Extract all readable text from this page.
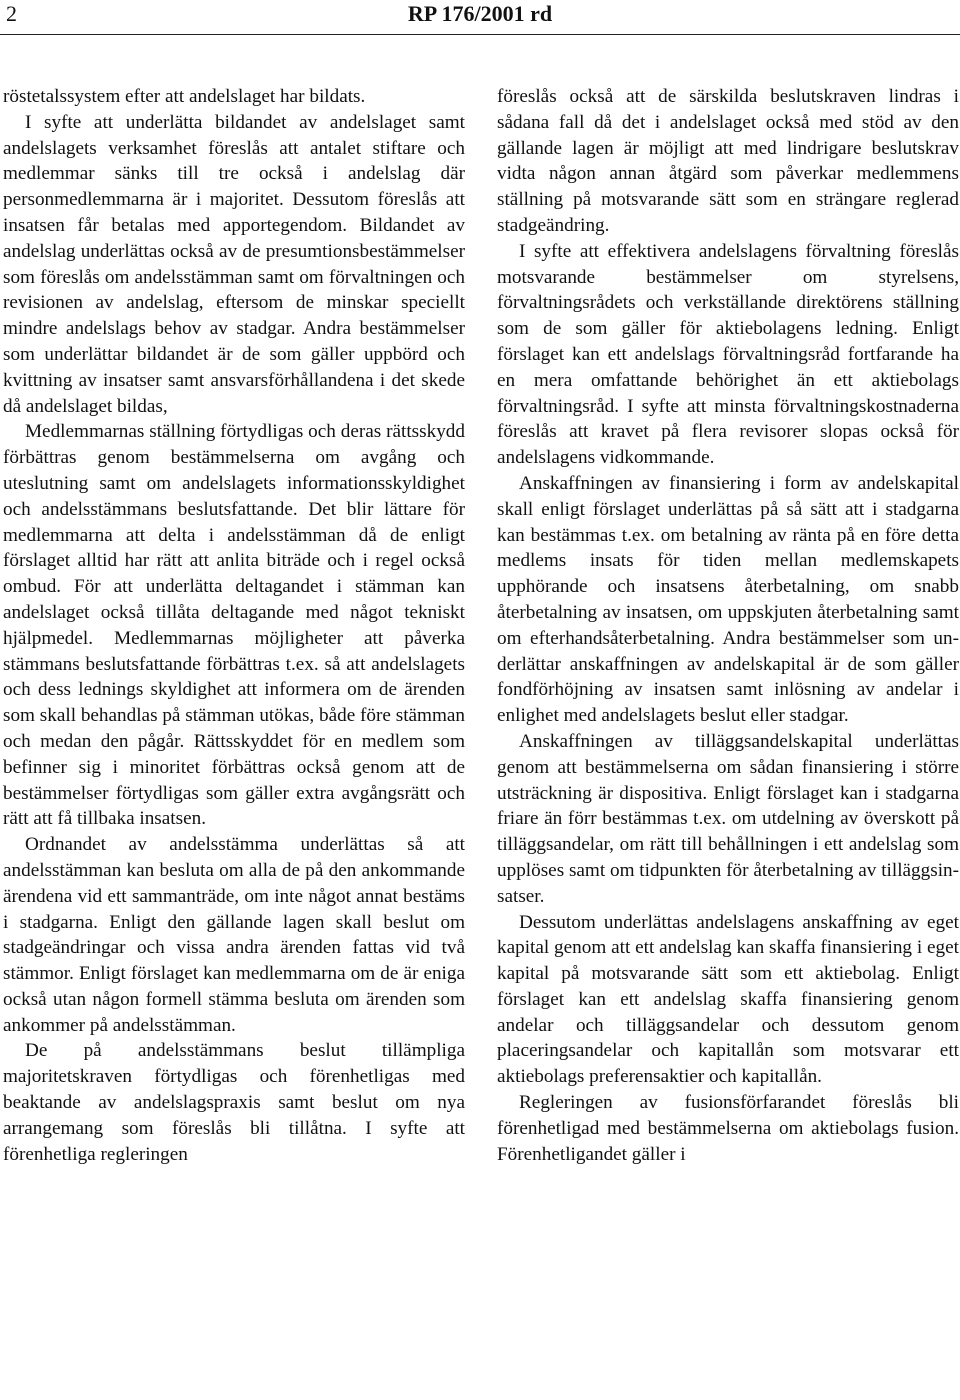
2	RP 176/2001 rd

röstetalssystem efter att andelslaget har bildats.

I syfte att underlätta bildandet av andelslaget samt andelslagets verksamhet föreslås att antalet stiftare och medlemmar sänks till tre också i andelslag där personmedlemmarna är i majoritet. Dessutom föreslås att insatsen får betalas med apportegendom. Bildandet av andelslag underlättas också av de presumtionsbestämmelser som föreslås om andelsstämman samt om förvaltningen och revisionen av andelslag, eftersom de minskar speciellt mindre andelslags behov av stadgar. Andra bestämmelser som underlättar bildandet är de som gäller uppbörd och kvittning av insatser samt ansvarsförhållandena i det skede då andelslaget bildas,

Medlemmarnas ställning förtydligas och deras rättsskydd förbättras genom bestämmelserna om avgång och uteslutning samt om andelslagets informationsskyldighet och andelsstämmans beslutsfattande. Det blir lättare för medlemmarna att delta i andelsstämman då de enligt förslaget alltid har rätt att anlita biträde och i regel också ombud. För att underlätta deltagandet i stämman kan andelslaget också tillåta deltagande med något tekniskt hjälpmedel. Medlemmarnas möjligheter att påverka stämmans beslutsfattande förbättras t.ex. så att andelslagets och dess lednings skyldighet att informera om de ärenden som skall behandlas på stämman utökas, både före stämman och medan den pågår. Rättsskyddet för en medlem som befinner sig i minoritet förbättras också genom att de bestämmelser förtydligas som gäller extra avgångsrätt och rätt att få tillbaka insatsen.

Ordnandet av andelsstämma underlättas så att andelsstämman kan besluta om alla de på den ankommande ärendena vid ett sammanträde, om inte något annat bestäms i stadgarna. Enligt den gällande lagen skall beslut om stadgeändringar och vissa andra ärenden fattas vid två stämmor. Enligt förslaget kan medlemmarna om de är eniga också utan någon formell stämma besluta om ärenden som ankommer på andelsstämman.

De på andelsstämmans beslut tillämpliga majoritetskraven förtydligas och förenhetligas med beaktande av andelslagspraxis samt beslut om nya arrangemang som föreslås bli tillåtna. I syfte att förenhetliga regleringen

föreslås också att de särskilda beslutskraven lindras i sådana fall då det i andelslaget också med stöd av den gällande lagen är möjligt att med lindrigare beslutskrav vidta någon annan åtgärd som påverkar medlemmens ställning på motsvarande sätt som en strängare reglerad stadgeändring.

I syfte att effektivera andelslagens förvaltning föreslås motsvarande bestämmelser om styrelsens, förvaltningsrådets och verkställande direktörens ställning som de som gäller för aktiebolagens ledning. Enligt förslaget kan ett andelslags förvaltningsråd fortfarande ha en mera omfattande behörighet än ett aktiebolags förvaltningsråd. I syfte att minsta förvaltningskostnaderna föreslås att kravet på flera revisorer slopas också för andelslagens vidkommande.

Anskaffningen av finansiering i form av andelskapital skall enligt förslaget underlättas på så sätt att i stadgarna kan bestämmas t.ex. om betalning av ränta på en före detta medlems insats för tiden mellan medlemskapets upphörande och insatsens återbetalning, om snabb återbetalning av insatsen, om uppskjuten återbetalning samt om efterhandsåterbetalning. Andra bestämmelser som underlättar anskaffningen av andelskapital är de som gäller fondförhöjning av insatsen samt inlösning av andelar i enlighet med andelslagets beslut eller stadgar.

Anskaffningen av tilläggsandelskapital underlättas genom att bestämmelserna om sådan finansiering i större utsträckning är dispositiva. Enligt förslaget kan i stadgarna friare än förr bestämmas t.ex. om utdelning av överskott på tilläggsandelar, om rätt till behållningen i ett andelslag som upplöses samt om tidpunkten för återbetalning av tilläggsinsatser.

Dessutom underlättas andelslagens anskaffning av eget kapital genom att ett andelslag kan skaffa finansiering i eget kapital på motsvarande sätt som ett aktiebolag. Enligt förslaget kan ett andelslag skaffa finansiering genom andelar och tilläggsandelar och dessutom genom placeringsandelar och kapitallån som motsvarar ett aktiebolags preferensaktier och kapitallån.

Regleringen av fusionsförfarandet föreslås bli förenhetligad med bestämmelserna om aktiebolags fusion. Förenhetligandet gäller i
